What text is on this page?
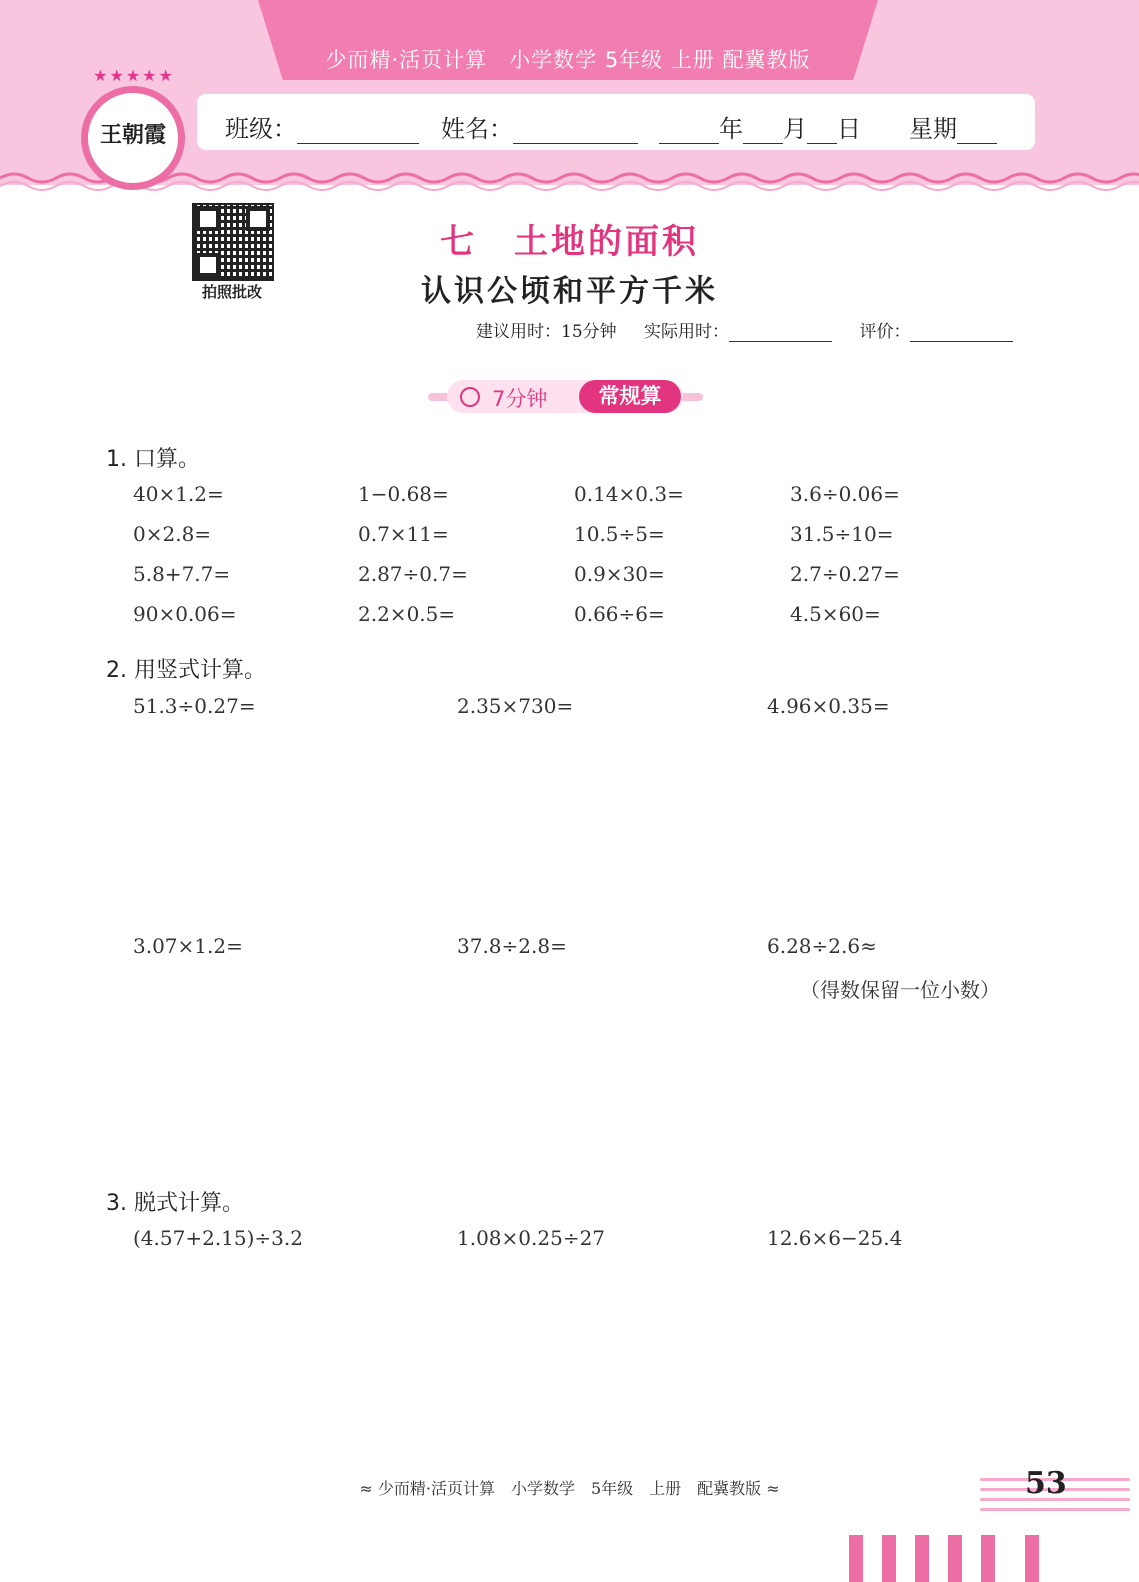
少而精·活页计算　小学数学 5年级 上册 配冀教版
班级：	姓名：	年 月 日 星期
★★★★★
王朝霞
拍照批改
七　土地的面积
认识公顷和平方千米
建议用时：15分钟 实际用时：	评价：
7分钟	常规算
1. 口算。
40×1.2=	1−0.68=	0.14×0.3=	3.6÷0.06=
0×2.8=	0.7×11=	10.5÷5=	31.5÷10=
5.8+7.7=	2.87÷0.7=	0.9×30=	2.7÷0.27=
90×0.06=	2.2×0.5=	0.66÷6=	4.5×60=
2. 用竖式计算。
51.3÷0.27=	2.35×730=	4.96×0.35=
3.07×1.2=	37.8÷2.8=	6.28÷2.6≈
（得数保留一位小数）
3. 脱式计算。
(4.57+2.15)÷3.2	1.08×0.25÷27	12.6×6−25.4
≈ 少而精·活页计算　小学数学　5年级　上册　配冀教版 ≈	53
